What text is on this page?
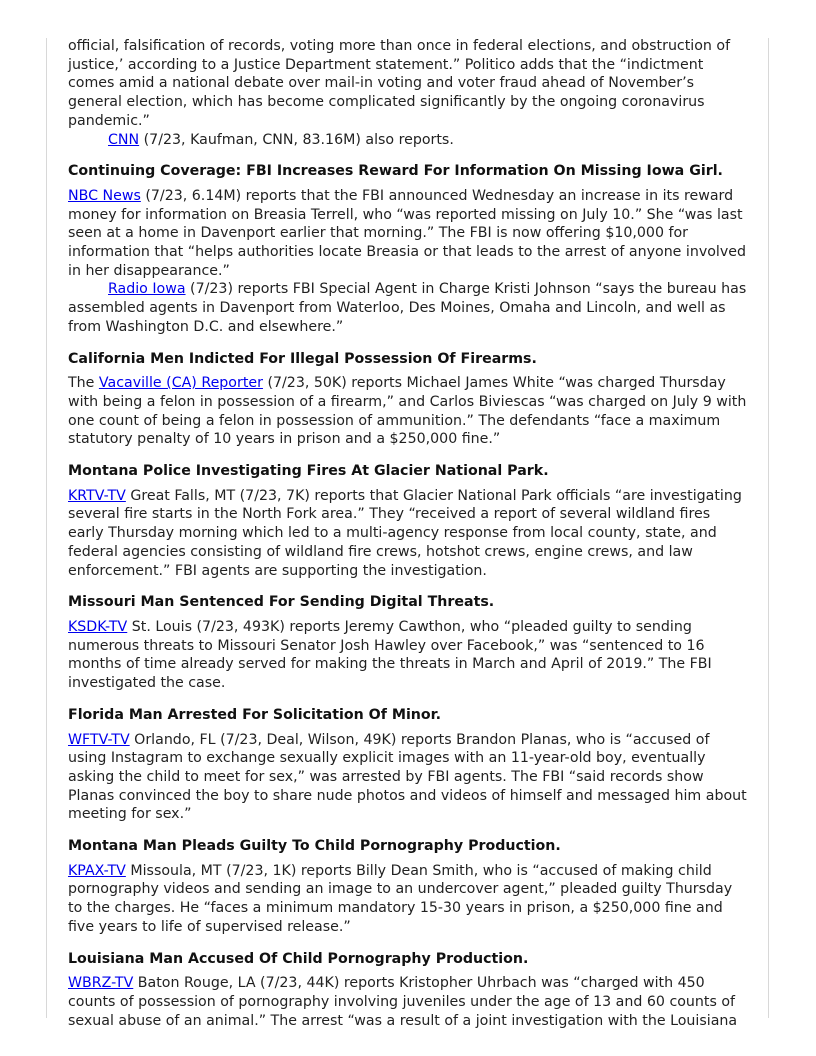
official, falsification of records, voting more than once in federal elections, and obstruction of justice,’ according to a Justice Department statement.” Politico adds that the “indictment comes amid a national debate over mail-in voting and voter fraud ahead of November’s general election, which has become complicated significantly by the ongoing coronavirus pandemic.”

CNN (7/23, Kaufman, CNN, 83.16M) also reports.

Continuing Coverage: FBI Increases Reward For Information On Missing Iowa Girl.

NBC News (7/23, 6.14M) reports that the FBI announced Wednesday an increase in its reward money for information on Breasia Terrell, who “was reported missing on July 10.” She “was last seen at a home in Davenport earlier that morning.” The FBI is now offering $10,000 for information that “helps authorities locate Breasia or that leads to the arrest of anyone involved in her disappearance.”

Radio Iowa (7/23) reports FBI Special Agent in Charge Kristi Johnson “says the bureau has assembled agents in Davenport from Waterloo, Des Moines, Omaha and Lincoln, and well as from Washington D.C. and elsewhere.”

California Men Indicted For Illegal Possession Of Firearms.

The Vacaville (CA) Reporter (7/23, 50K) reports Michael James White “was charged Thursday with being a felon in possession of a firearm,” and Carlos Biviescas “was charged on July 9 with one count of being a felon in possession of ammunition.” The defendants “face a maximum statutory penalty of 10 years in prison and a $250,000 fine.”

Montana Police Investigating Fires At Glacier National Park.

KRTV-TV Great Falls, MT (7/23, 7K) reports that Glacier National Park officials “are investigating several fire starts in the North Fork area.” They “received a report of several wildland fires early Thursday morning which led to a multi-agency response from local county, state, and federal agencies consisting of wildland fire crews, hotshot crews, engine crews, and law enforcement.” FBI agents are supporting the investigation.

Missouri Man Sentenced For Sending Digital Threats.

KSDK-TV St. Louis (7/23, 493K) reports Jeremy Cawthon, who “pleaded guilty to sending numerous threats to Missouri Senator Josh Hawley over Facebook,” was “sentenced to 16 months of time already served for making the threats in March and April of 2019.” The FBI investigated the case.

Florida Man Arrested For Solicitation Of Minor.

WFTV-TV Orlando, FL (7/23, Deal, Wilson, 49K) reports Brandon Planas, who is “accused of using Instagram to exchange sexually explicit images with an 11-year-old boy, eventually asking the child to meet for sex,” was arrested by FBI agents. The FBI “said records show Planas convinced the boy to share nude photos and videos of himself and messaged him about meeting for sex.”

Montana Man Pleads Guilty To Child Pornography Production.

KPAX-TV Missoula, MT (7/23, 1K) reports Billy Dean Smith, who is “accused of making child pornography videos and sending an image to an undercover agent,” pleaded guilty Thursday to the charges. He “faces a minimum mandatory 15-30 years in prison, a $250,000 fine and five years to life of supervised release.”

Louisiana Man Accused Of Child Pornography Production.

WBRZ-TV Baton Rouge, LA (7/23, 44K) reports Kristopher Uhrbach was “charged with 450 counts of possession of pornography involving juveniles under the age of 13 and 60 counts of sexual abuse of an animal.” The arrest “was a result of a joint investigation with the Louisiana
